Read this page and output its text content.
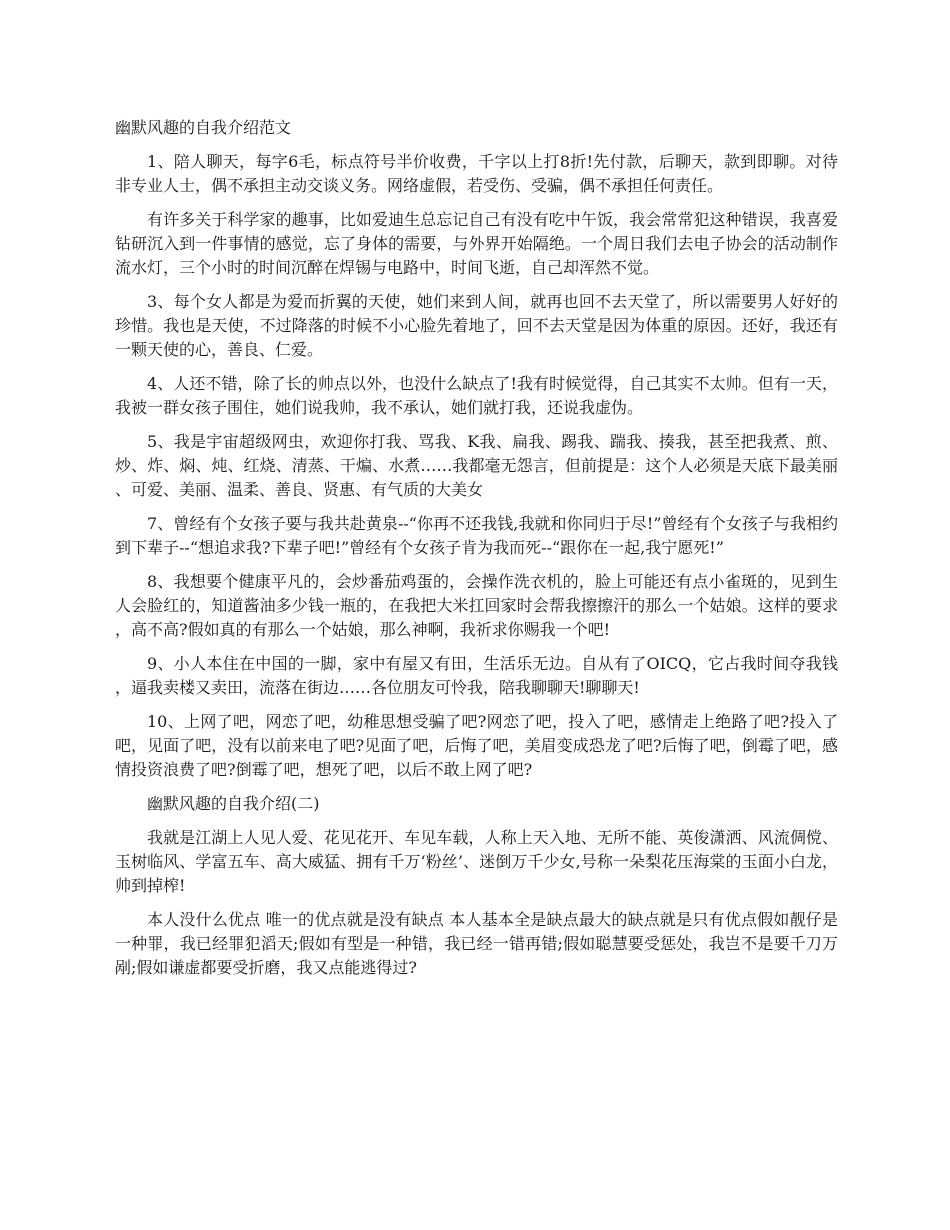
幽默风趣的自我介绍范文

1、陪人聊天，每字6毛，标点符号半价收费，千字以上打8折!先付款，后聊天，款到即聊。对待非专业人士，偶不承担主动交谈义务。网络虚假，若受伤、受骗，偶不承担任何责任。

有许多关于科学家的趣事，比如爱迪生总忘记自己有没有吃中午饭，我会常常犯这种错误，我喜爱钻研沉入到一件事情的感觉，忘了身体的需要，与外界开始隔绝。一个周日我们去电子协会的活动制作流水灯，三个小时的时间沉醉在焊锡与电路中，时间飞逝，自己却浑然不觉。

3、每个女人都是为爱而折翼的天使，她们来到人间，就再也回不去天堂了，所以需要男人好好的珍惜。我也是天使，不过降落的时候不小心脸先着地了，回不去天堂是因为体重的原因。还好，我还有一颗天使的心，善良、仁爱。

4、人还不错，除了长的帅点以外，也没什么缺点了!我有时候觉得，自己其实不太帅。但有一天，我被一群女孩子围住，她们说我帅，我不承认，她们就打我，还说我虚伪。

5、我是宇宙超级网虫，欢迎你打我、骂我、K我、扁我、踢我、踹我、揍我，甚至把我煮、煎、炒、炸、焖、炖、红烧、清蒸、干煸、水煮……我都毫无怨言，但前提是：这个人必须是天底下最美丽、可爱、美丽、温柔、善良、贤惠、有气质的大美女

7、曾经有个女孩子要与我共赴黄泉--“你再不还我钱,我就和你同归于尽!”曾经有个女孩子与我相约到下辈子--“想追求我?下辈子吧!”曾经有个女孩子肯为我而死--“跟你在一起,我宁愿死!”

8、我想要个健康平凡的，会炒番茄鸡蛋的，会操作洗衣机的，脸上可能还有点小雀斑的，见到生人会脸红的，知道酱油多少钱一瓶的，在我把大米扛回家时会帮我擦擦汗的那么一个姑娘。这样的要求，高不高?假如真的有那么一个姑娘，那么神啊，我祈求你赐我一个吧!

9、小人本住在中国的一脚，家中有屋又有田，生活乐无边。自从有了OICQ，它占我时间夺我钱，逼我卖楼又卖田，流落在街边……各位朋友可怜我，陪我聊聊天!聊聊天!

10、上网了吧，网恋了吧，幼稚思想受骗了吧?网恋了吧，投入了吧，感情走上绝路了吧?投入了吧，见面了吧，没有以前来电了吧?见面了吧，后悔了吧，美眉变成恐龙了吧?后悔了吧，倒霉了吧，感情投资浪费了吧?倒霉了吧，想死了吧，以后不敢上网了吧?

幽默风趣的自我介绍(二)

我就是江湖上人见人爱、花见花开、车见车载，人称上天入地、无所不能、英俊潇洒、风流倜傥、玉树临风、学富五车、高大威猛、拥有千万‘粉丝’、迷倒万千少女,号称一朵梨花压海棠的玉面小白龙，帅到掉榨!

本人没什么优点 唯一的优点就是没有缺点 本人基本全是缺点最大的缺点就是只有优点假如靓仔是一种罪，我已经罪犯滔天;假如有型是一种错，我已经一错再错;假如聪慧要受惩处，我岂不是要千刀万剐;假如谦虚都要受折磨，我又点能逃得过?
